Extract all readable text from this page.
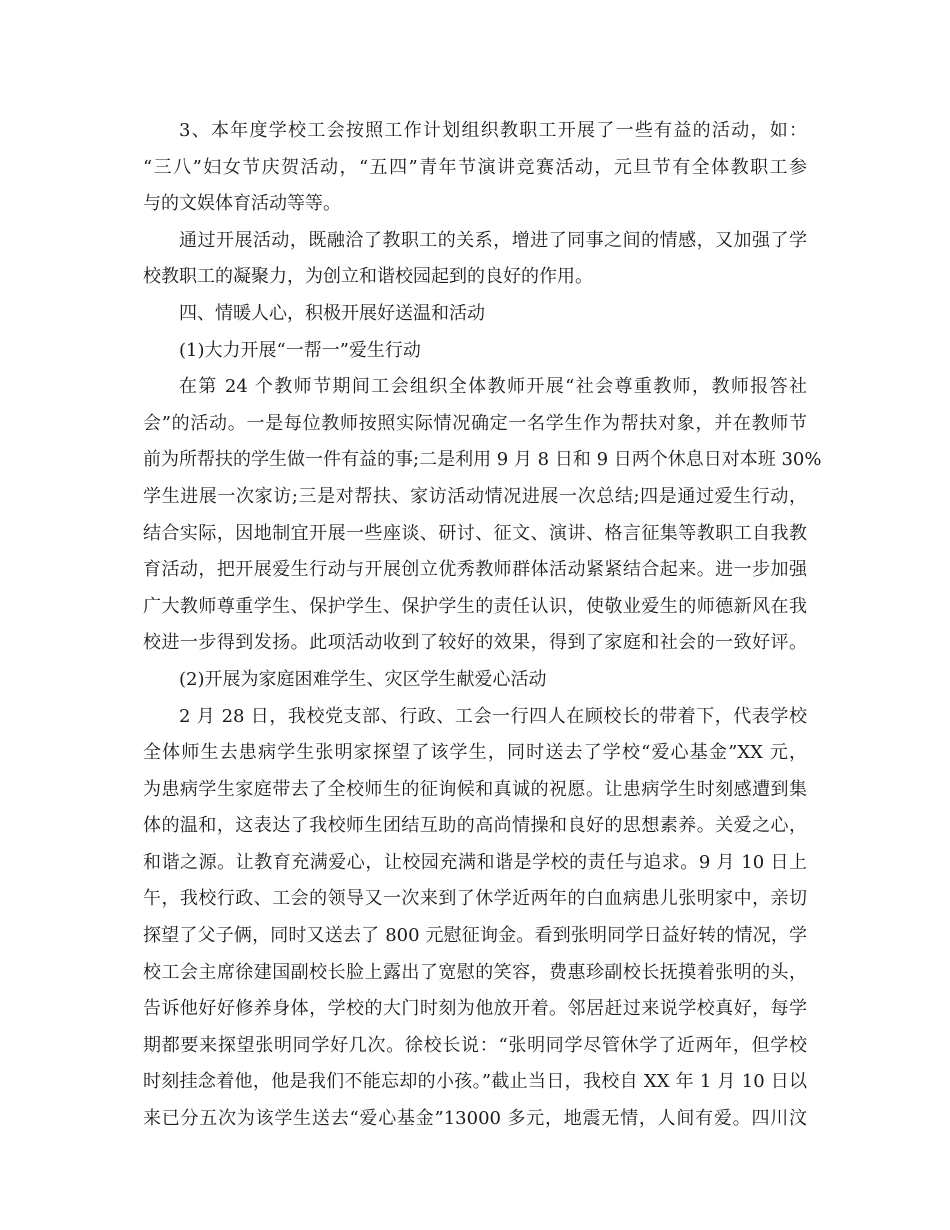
3、本年度学校工会按照工作计划组织教职工开展了一些有益的活动，如：
“三八”妇女节庆贺活动，“五四”青年节演讲竞赛活动，元旦节有全体教职工参
与的文娱体育活动等等。
通过开展活动，既融洽了教职工的关系，增进了同事之间的情感，又加强了学
校教职工的凝聚力，为创立和谐校园起到的良好的作用。
四、情暖人心，积极开展好送温和活动
(1)大力开展“一帮一”爱生行动
在第 24 个教师节期间工会组织全体教师开展“社会尊重教师，教师报答社
会”的活动。一是每位教师按照实际情况确定一名学生作为帮扶对象，并在教师节
前为所帮扶的学生做一件有益的事;二是利用 9 月 8 日和 9 日两个休息日对本班 30%
学生进展一次家访;三是对帮扶、家访活动情况进展一次总结;四是通过爱生行动，
结合实际，因地制宜开展一些座谈、研讨、征文、演讲、格言征集等教职工自我教
育活动，把开展爱生行动与开展创立优秀教师群体活动紧紧结合起来。进一步加强
广大教师尊重学生、保护学生、保护学生的责任认识，使敬业爱生的师德新风在我
校进一步得到发扬。此项活动收到了较好的效果，得到了家庭和社会的一致好评。
(2)开展为家庭困难学生、灾区学生献爱心活动
2 月 28 日，我校党支部、行政、工会一行四人在顾校长的带着下，代表学校
全体师生去患病学生张明家探望了该学生，同时送去了学校“爱心基金”XX 元，
为患病学生家庭带去了全校师生的征询候和真诚的祝愿。让患病学生时刻感遭到集
体的温和，这表达了我校师生团结互助的高尚情操和良好的思想素养。关爱之心，
和谐之源。让教育充满爱心，让校园充满和谐是学校的责任与追求。9 月 10 日上
午，我校行政、工会的领导又一次来到了休学近两年的白血病患儿张明家中，亲切
探望了父子俩，同时又送去了 800 元慰征询金。看到张明同学日益好转的情况，学
校工会主席徐建国副校长脸上露出了宽慰的笑容，费惠珍副校长抚摸着张明的头，
告诉他好好修养身体，学校的大门时刻为他放开着。邻居赶过来说学校真好，每学
期都要来探望张明同学好几次。徐校长说：“张明同学尽管休学了近两年，但学校
时刻挂念着他，他是我们不能忘却的小孩。”截止当日，我校自 XX 年 1 月 10 日以
来已分五次为该学生送去“爱心基金”13000 多元，地震无情，人间有爱。四川汶
